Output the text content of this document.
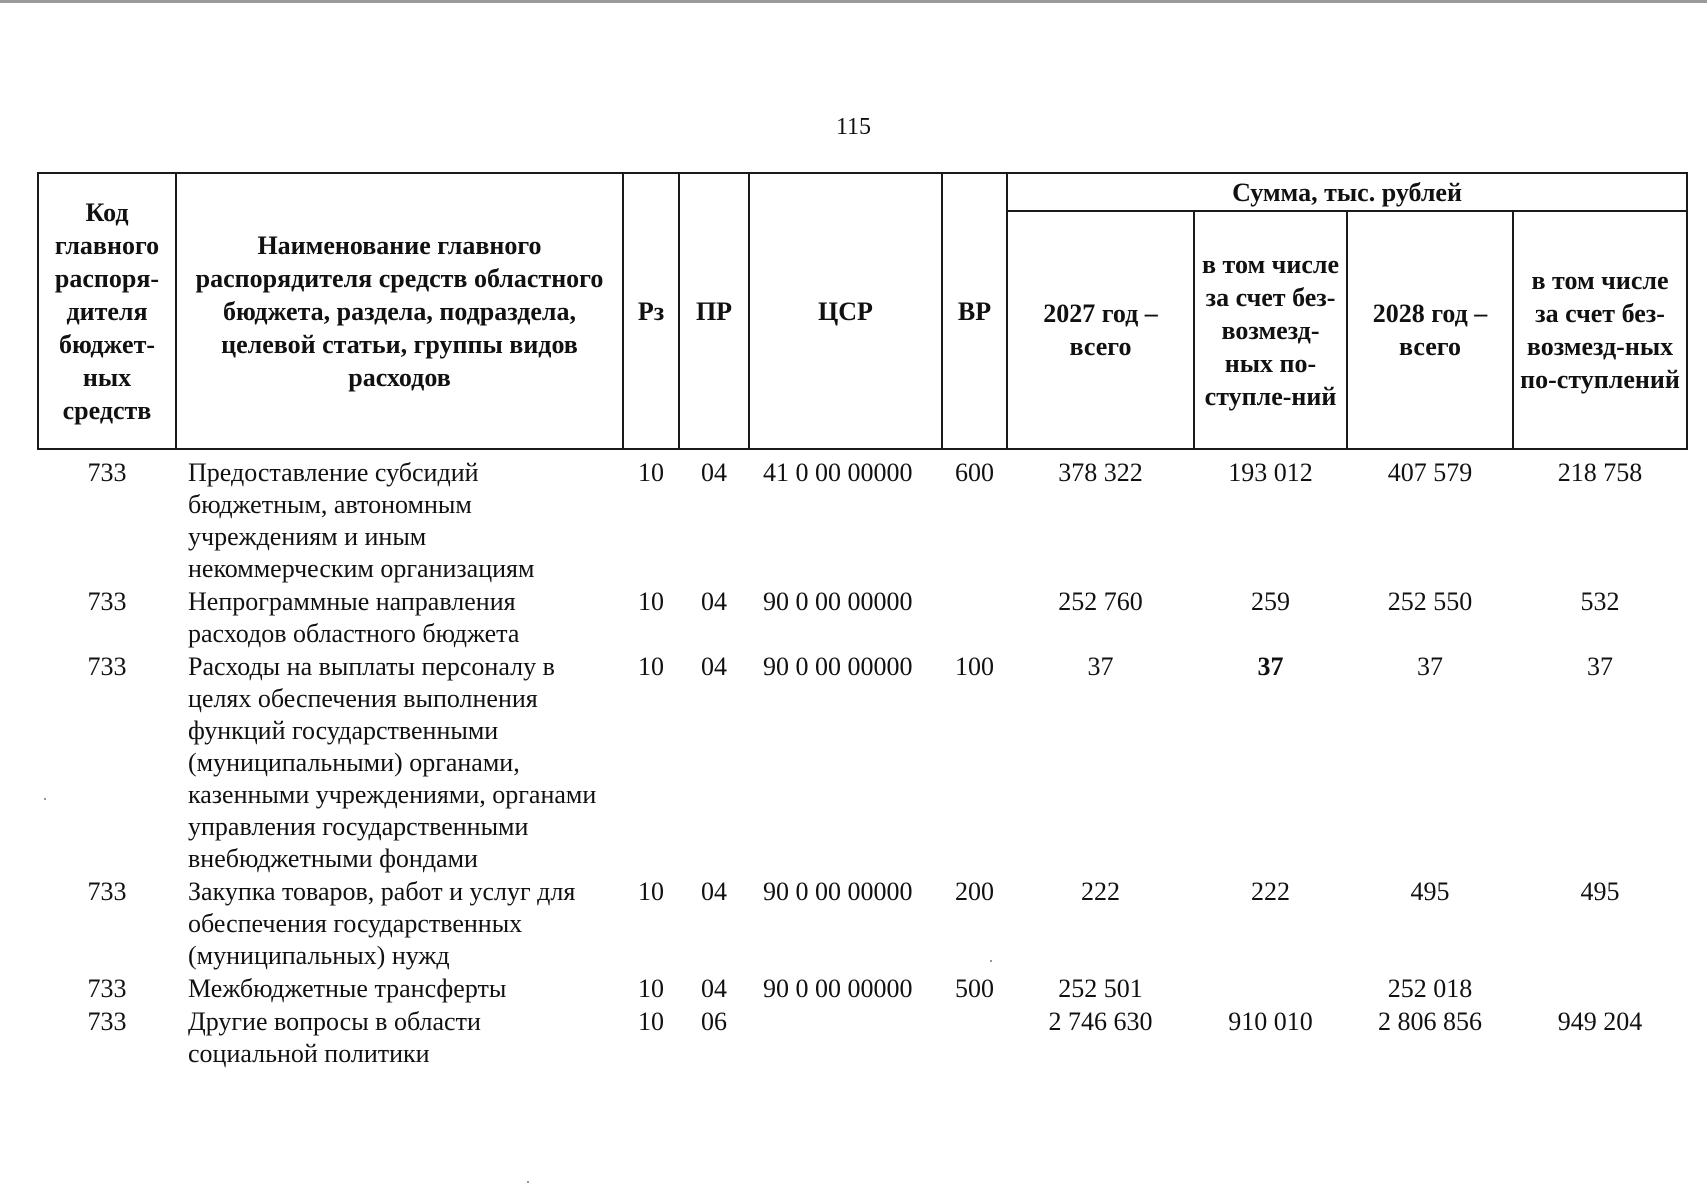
115
Код главного распоря-дителя бюджет-ных средств	Наименование главного распорядителя средств областного бюджета, раздела, подраздела, целевой статьи, группы видов расходов	Рз	ПР	ЦСР	ВР	Сумма, тыс. рублей			
						2027 год – всего	в том числе за счет без-возмезд-ных по-ступле-ний	2028 год – всего	в том числе за счет без-возмезд-ных по-ступлений

733	Предоставление субсидий бюджетным, автономным учреждениям и иным некоммерческим организациям	10	04	41 0 00 00000	600	378 322	193 012	407 579	218 758
733	Непрограммные направления расходов областного бюджета	10	04	90 0 00 00000		252 760	259	252 550	532
733	Расходы на выплаты персоналу в целях обеспечения выполнения функций государственными (муниципальными) органами, казенными учреждениями, органами управления государственными внебюджетными фондами	10	04	90 0 00 00000	100	37	37	37	37
733	Закупка товаров, работ и услуг для обеспечения государственных (муниципальных) нужд	10	04	90 0 00 00000	200	222	222	495	495
733	Межбюджетные трансферты	10	04	90 0 00 00000	500	252 501		252 018	
733	Другие вопросы в области социальной политики	10	06			2 746 630	910 010	2 806 856	949 204
